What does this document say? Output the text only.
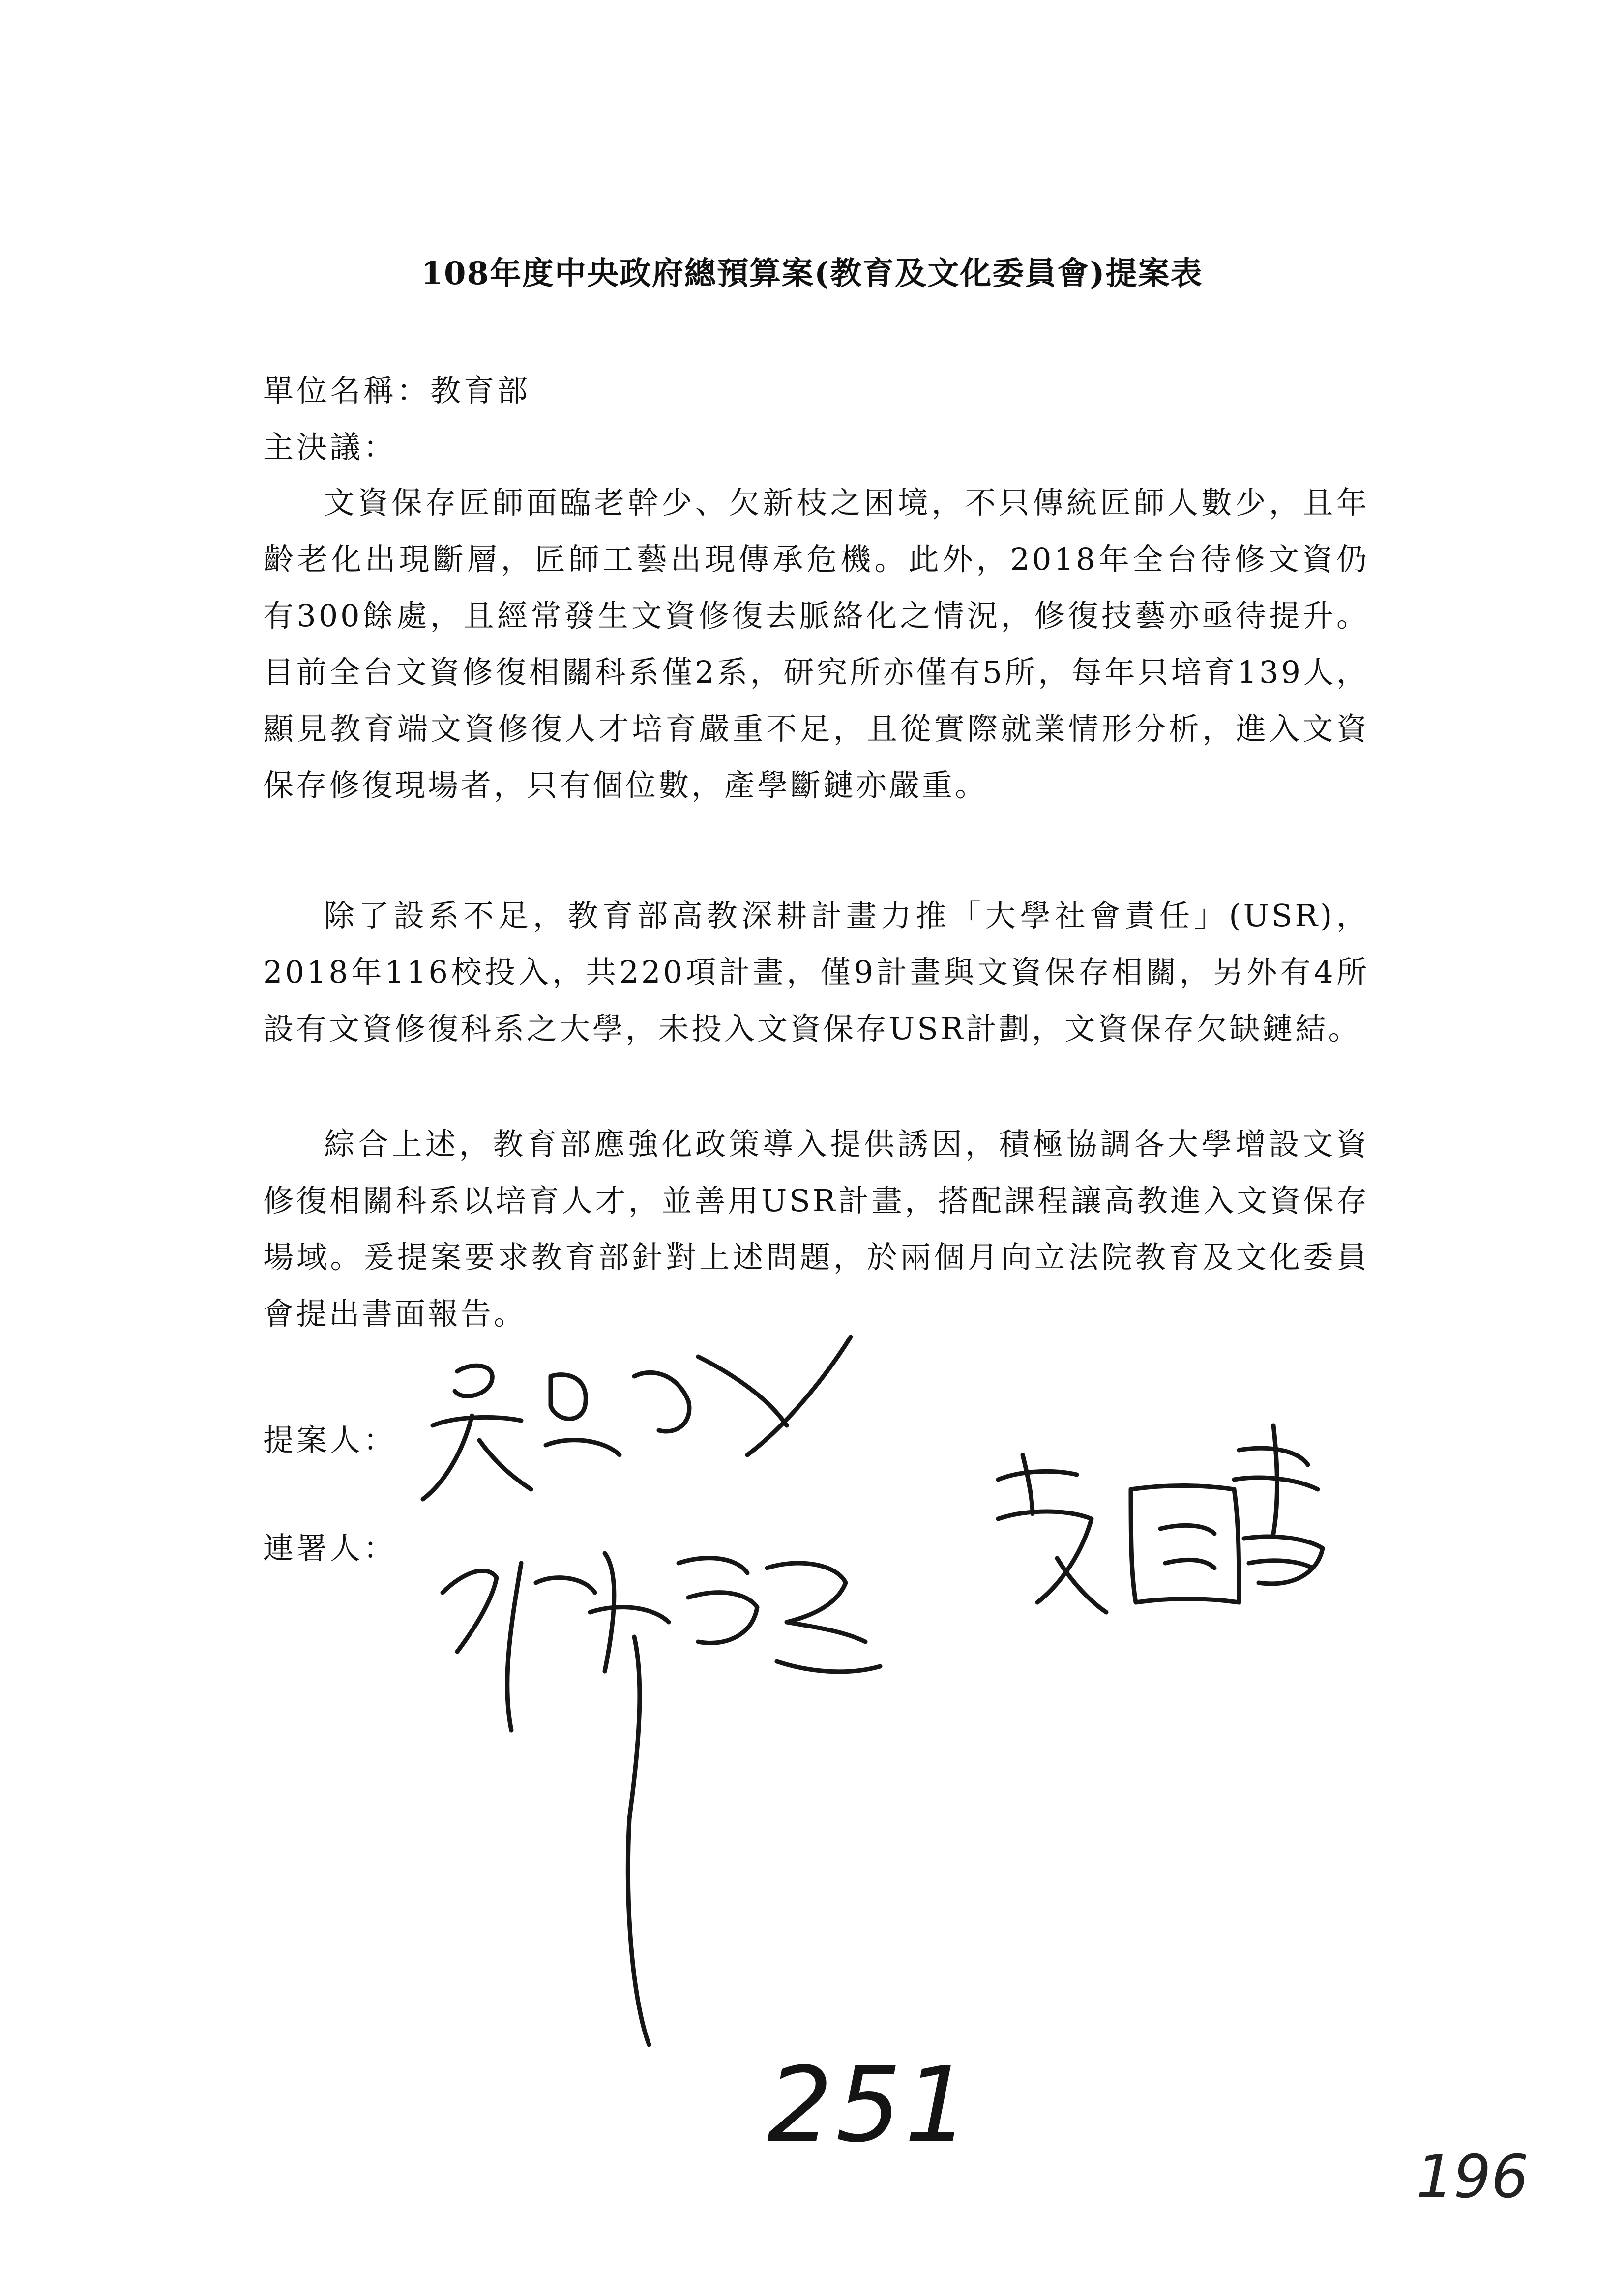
108年度中央政府總預算案(教育及文化委員會)提案表
單位名稱：教育部
主決議：

文資保存匠師面臨老幹少、欠新枝之困境，不只傳統匠師人數少，且年齡老化出現斷層，匠師工藝出現傳承危機。此外，2018年全台待修文資仍有300餘處，且經常發生文資修復去脈絡化之情況，修復技藝亦亟待提升。目前全台文資修復相關科系僅2系，研究所亦僅有5所，每年只培育139人，顯見教育端文資修復人才培育嚴重不足，且從實際就業情形分析，進入文資保存修復現場者，只有個位數，產學斷鏈亦嚴重。

除了設系不足，教育部高教深耕計畫力推「大學社會責任」(USR)，2018年116校投入，共220項計畫，僅9計畫與文資保存相關，另外有4所設有文資修復科系之大學，未投入文資保存USR計劃，文資保存欠缺鏈結。

綜合上述，教育部應強化政策導入提供誘因，積極協調各大學增設文資修復相關科系以培育人才，並善用USR計畫，搭配課程讓高教進入文資保存場域。爰提案要求教育部針對上述問題，於兩個月向立法院教育及文化委員會提出書面報告。

提案人：
連署人：
251
196
